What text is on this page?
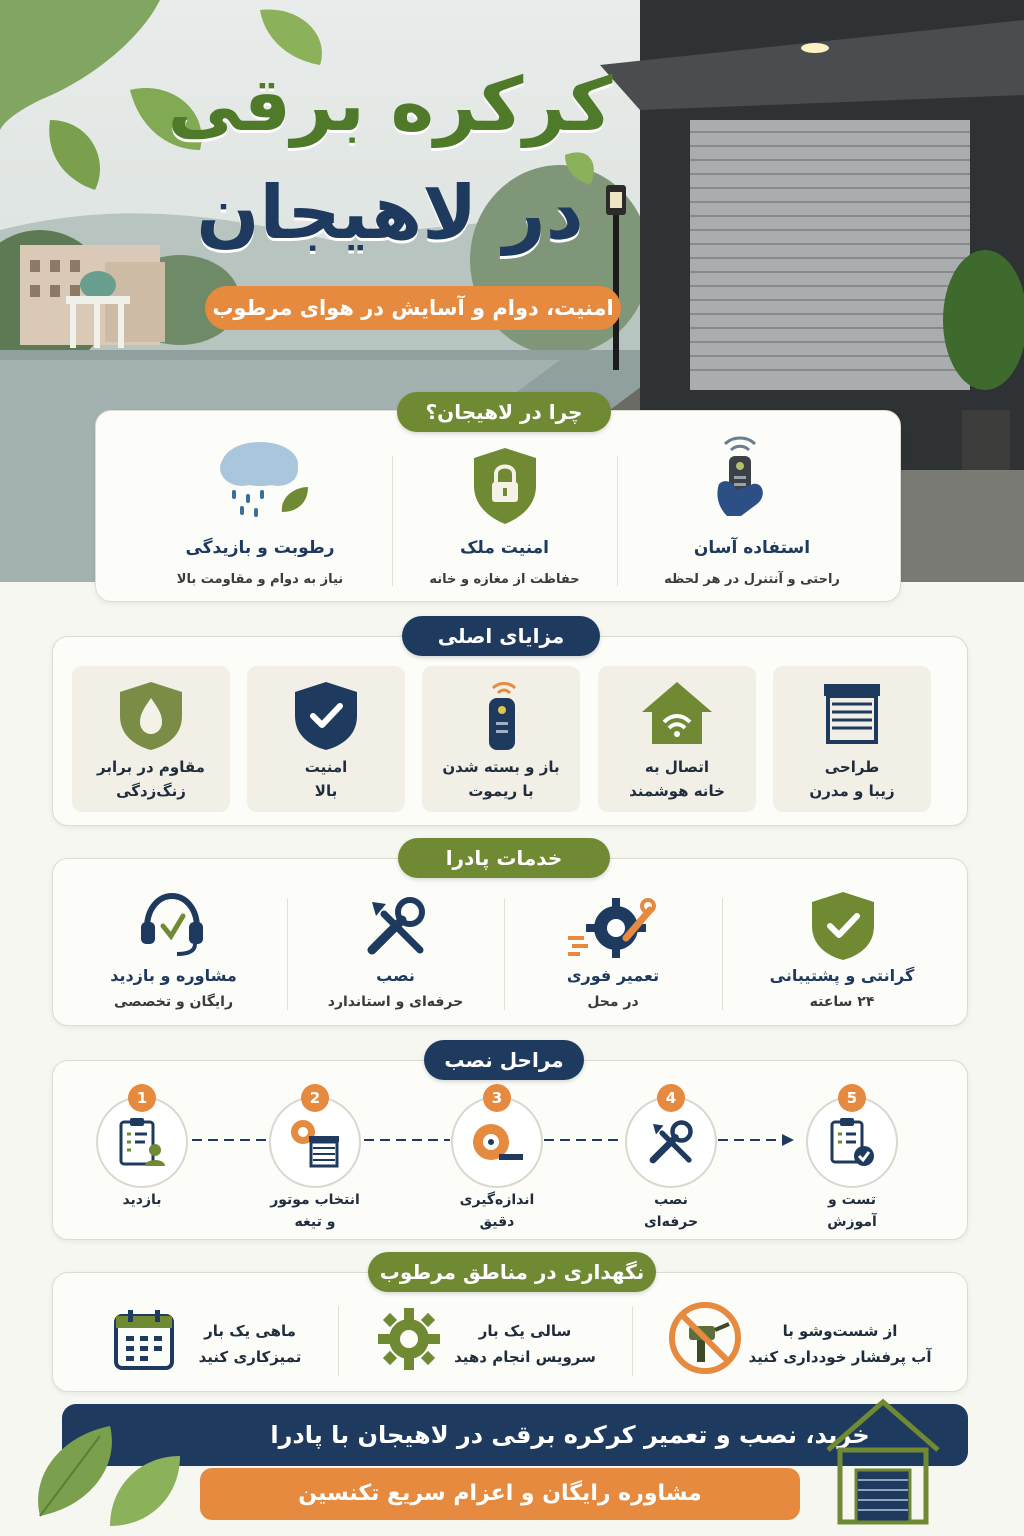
کرکره برقی
در لاهیجان
امنیت، دوام و آسایش در هوای مرطوب
چرا در لاهیجان؟
رطوبت و بازیدگی
نیاز به دوام و مقاومت بالا
امنیت ملک
حفاظت از مغازه و خانه
استفاده آسان
راحتی و آنتنرل در هر لحظه
مزایای اصلی
مقاوم در برابر
زنگ‌زدگی
امنیت
بالا
باز و بسته شدن
با ریموت
اتصال به
خانه هوشمند
طراحی
زیبا و مدرن
خدمات پادرا
مشاوره و بازدید
رایگان و تخصصی
نصب
حرفه‌ای و استاندارد
تعمیر فوری
در محل
گرانتی و پشتیبانی
۲۴ ساعته
مراحل نصب
1
بازدید
2
انتخاب موتور
و تیغه
3
اندازه‌گیری
دقیق
4
نصب
حرفه‌ای
5
تست و
آموزش
نگهداری در مناطق مرطوب
ماهی یک بار
تمیزکاری کنید
سالی یک بار
سرویس انجام دهید
از شست‌وشو با
آب پرفشار خودداری کنید
خرید، نصب و تعمیر کرکره برقی در لاهیجان با پادرا
مشاوره رایگان و اعزام سریع تکنسین
